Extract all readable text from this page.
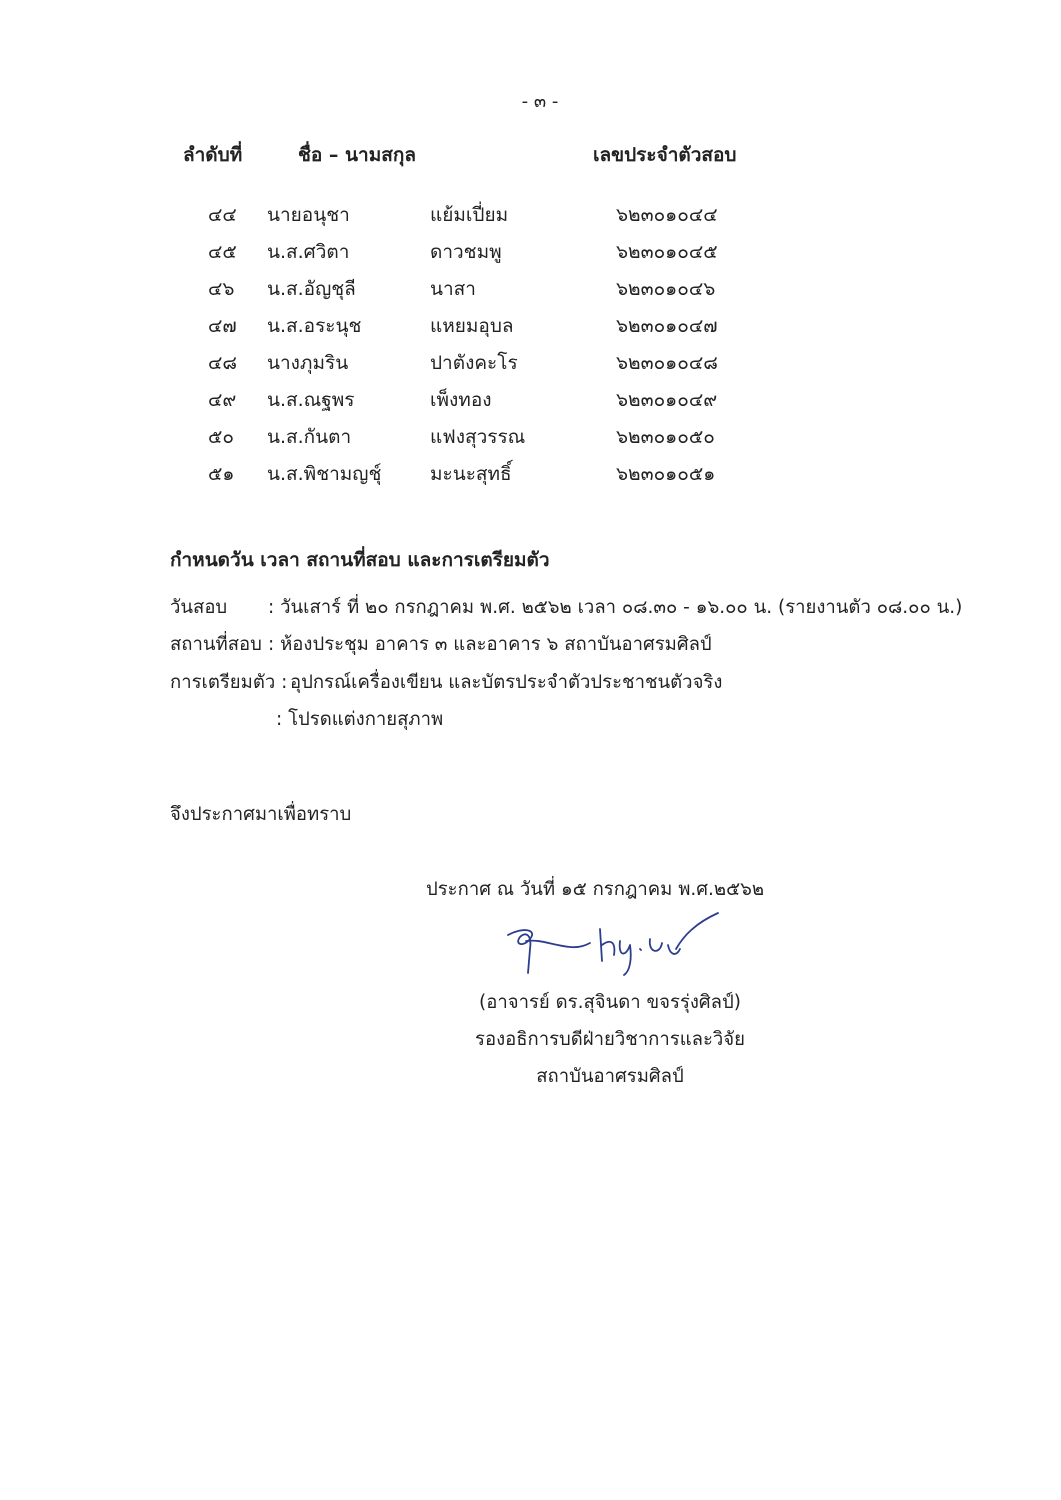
- ๓ -
ลำดับที่	ชื่อ – นามสกุล	เลขประจำตัวสอบ
๔๔ นายอนุชา	แย้มเปี่ยม	๖๒๓๐๑๐๔๔
๔๕ น.ส.ศวิตา	ดาวชมพู	๖๒๓๐๑๐๔๕
๔๖ น.ส.อัญชุลี	นาสา	๖๒๓๐๑๐๔๖
๔๗ น.ส.อระนุช	แหยมอุบล	๖๒๓๐๑๐๔๗
๔๘ นางภุมริน	ปาตังคะโร	๖๒๓๐๑๐๔๘
๔๙ น.ส.ณฐพร	เพ็งทอง	๖๒๓๐๑๐๔๙
๕๐ น.ส.กันตา	แฟงสุวรรณ	๖๒๓๐๑๐๕๐
๕๑ น.ส.พิชามญชุ์	มะนะสุทธิ์	๖๒๓๐๑๐๕๑
กำหนดวัน เวลา สถานที่สอบ และการเตรียมตัว
วันสอบ : วันเสาร์ ที่ ๒๐ กรกฎาคม พ.ศ. ๒๕๖๒ เวลา ๐๘.๓๐ - ๑๖.๐๐ น. (รายงานตัว ๐๘.๐๐ น.)
สถานที่สอบ : ห้องประชุม อาคาร ๓ และอาคาร ๖ สถาบันอาศรมศิลป์
การเตรียมตัว : อุปกรณ์เครื่องเขียน และบัตรประจำตัวประชาชนตัวจริง
: โปรดแต่งกายสุภาพ
จึงประกาศมาเพื่อทราบ
ประกาศ ณ วันที่ ๑๕ กรกฎาคม พ.ศ.๒๕๖๒
(อาจารย์ ดร.สุจินดา ขจรรุ่งศิลป์)
รองอธิการบดีฝ่ายวิชาการและวิจัย
สถาบันอาศรมศิลป์
